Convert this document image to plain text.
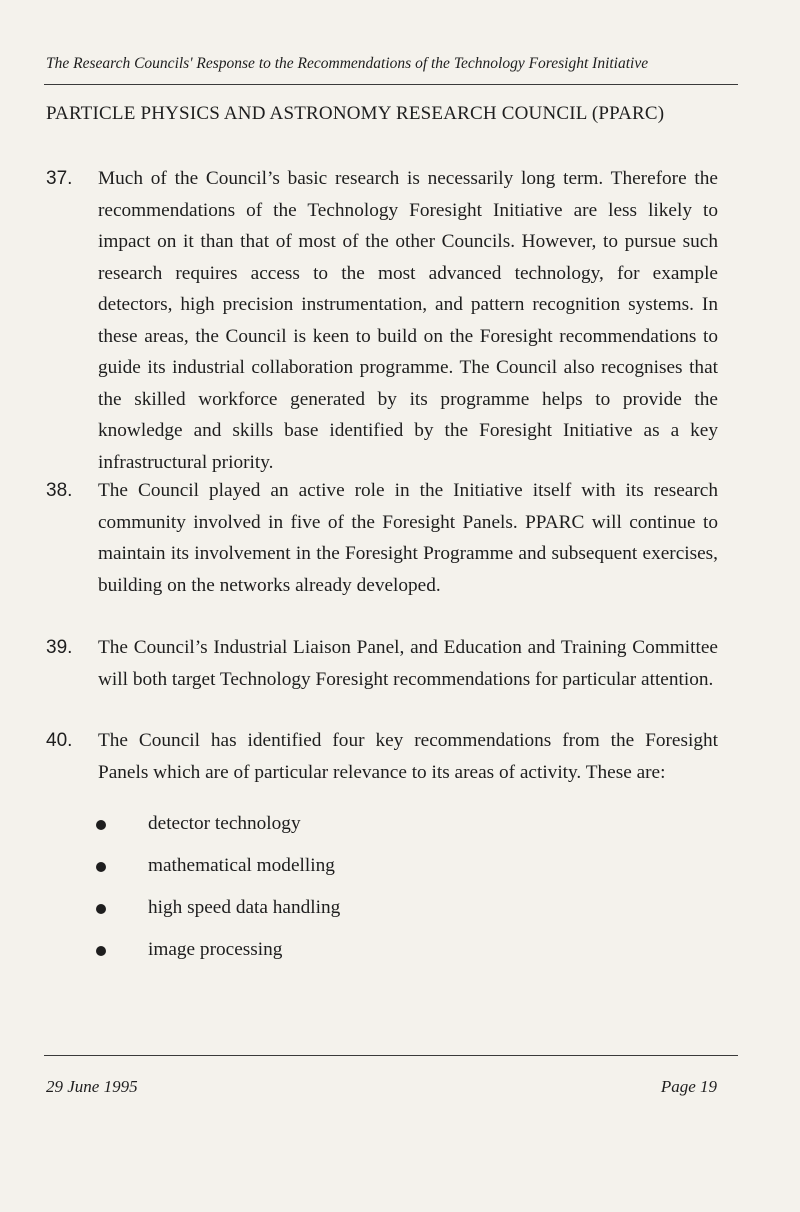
The Research Councils' Response to the Recommendations of the Technology Foresight Initiative
PARTICLE PHYSICS AND ASTRONOMY RESEARCH COUNCIL (PPARC)
37. Much of the Council’s basic research is necessarily long term. Therefore the recommendations of the Technology Foresight Initiative are less likely to impact on it than that of most of the other Councils. However, to pursue such research requires access to the most advanced technology, for example detectors, high precision instrumentation, and pattern recognition systems. In these areas, the Council is keen to build on the Foresight recommendations to guide its industrial collaboration programme. The Council also recognises that the skilled workforce generated by its programme helps to provide the knowledge and skills base identified by the Foresight Initiative as a key infrastructural priority.
38. The Council played an active role in the Initiative itself with its research community involved in five of the Foresight Panels. PPARC will continue to maintain its involvement in the Foresight Programme and subsequent exercises, building on the networks already developed.
39. The Council’s Industrial Liaison Panel, and Education and Training Committee will both target Technology Foresight recommendations for particular attention.
40. The Council has identified four key recommendations from the Foresight Panels which are of particular relevance to its areas of activity. These are:
detector technology
mathematical modelling
high speed data handling
image processing
29 June 1995	Page 19
